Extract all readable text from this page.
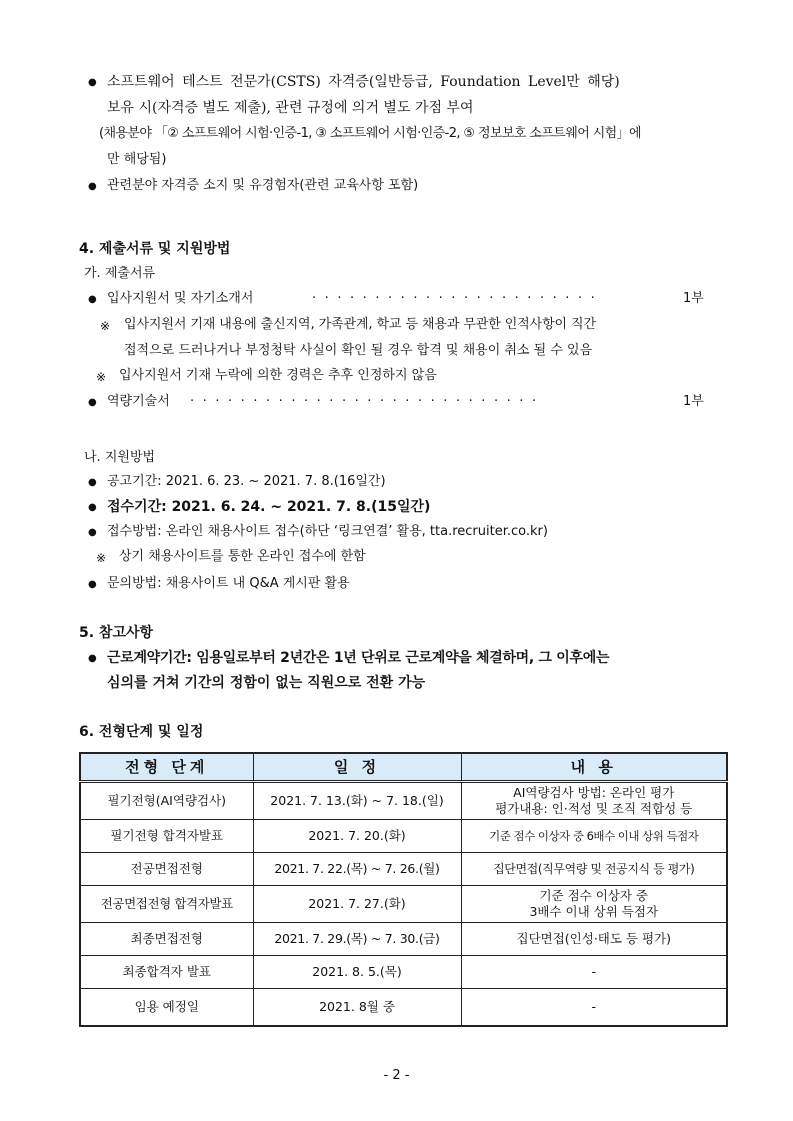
● 소프트웨어 테스트 전문가(CSTS) 자격증(일반등급, Foundation Level만 해당)
보유 시(자격증 별도 제출), 관련 규정에 의거 별도 가점 부여
(채용분야 「② 소프트웨어 시험·인증-1, ③ 소프트웨어 시험·인증-2, ⑤ 정보보호 소프트웨어 시험」에
만 해당됨)
● 관련분야 자격증 소지 및 유경험자(관련 교육사항 포함)
4. 제출서류 및 지원방법
가. 제출서류
● 입사지원서 및 자기소개서	· · · · · · · · · · · · · · · · · · · · · · ·	1부
※ 입사지원서 기재 내용에 출신지역, 가족관계, 학교 등 채용과 무관한 인적사항이 직간
접적으로 드러나거나 부정청탁 사실이 확인 될 경우 합격 및 채용이 취소 될 수 있음
※ 입사지원서 기재 누락에 의한 경력은 추후 인정하지 않음
● 역량기술서 · · · · · · · · · · · · · · · · · · · · · · · · · · · ·	1부
나. 지원방법
● 공고기간: 2021. 6. 23. ~ 2021. 7. 8.(16일간)
● 접수기간: 2021. 6. 24. ~ 2021. 7. 8.(15일간)
● 접수방법: 온라인 채용사이트 접수(하단 ‘링크연결’ 활용, tta.recruiter.co.kr)
※ 상기 채용사이트를 통한 온라인 접수에 한함
● 문의방법: 채용사이트 내 Q&A 게시판 활용
5. 참고사항
● 근로계약기간: 임용일로부터 2년간은 1년 단위로 근로계약을 체결하며, 그 이후에는
심의를 거쳐 기간의 정함이 없는 직원으로 전환 가능
6. 전형단계 및 일정
전형 단계	일 정	내 용
필기전형(AI역량검사)	2021. 7. 13.(화) ~ 7. 18.(일)	AI역량검사 방법: 온라인 평가
평가내용: 인·적성 및 조직 적합성 등

필기전형 합격자발표	2021. 7. 20.(화)	기준 점수 이상자 중 6배수 이내 상위 득점자
전공면접전형	2021. 7. 22.(목) ~ 7. 26.(월)	집단면접(직무역량 및 전공지식 등 평가)
전공면접전형 합격자발표	2021. 7. 27.(화)	기준 점수 이상자 중
3배수 이내 상위 득점자

최종면접전형	2021. 7. 29.(목) ~ 7. 30.(금)	집단면접(인성·태도 등 평가)
최종합격자 발표	2021. 8. 5.(목)	-
임용 예정일	2021. 8월 중	-
- 2 -
